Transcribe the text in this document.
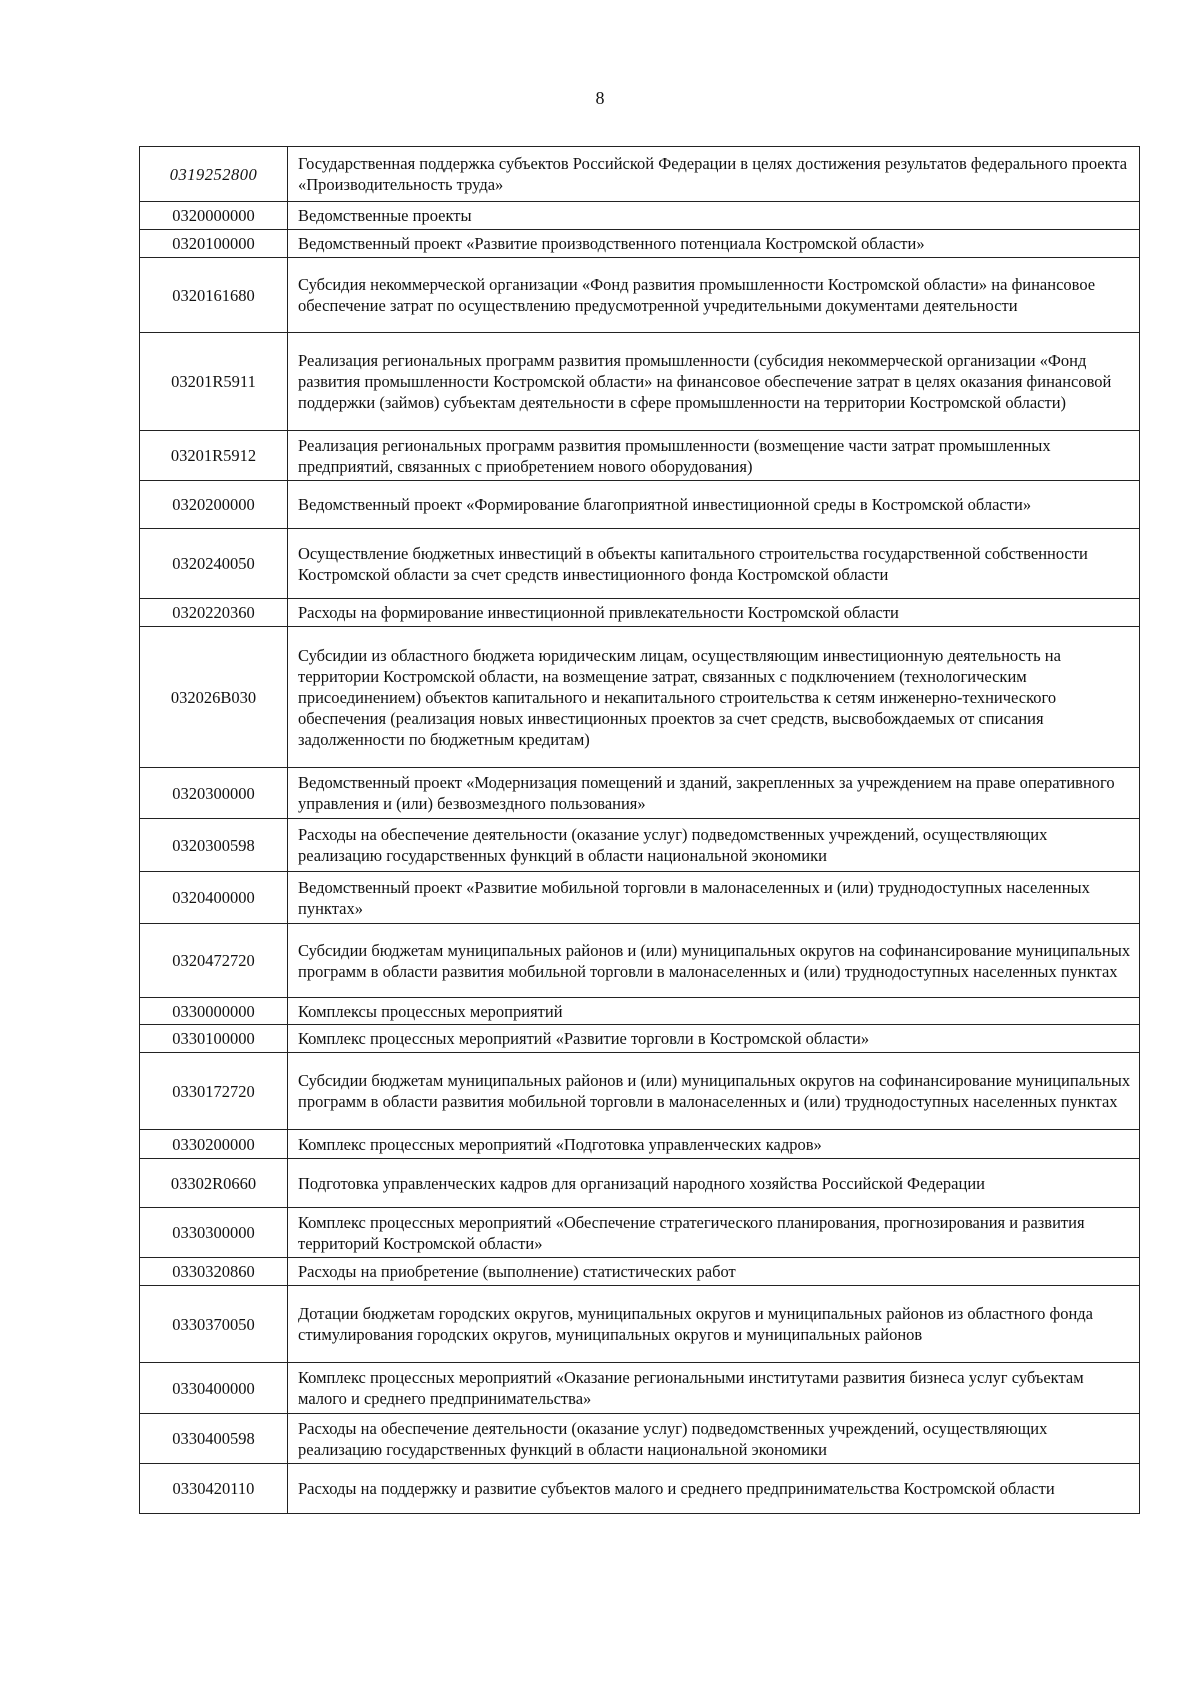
8
0319252800	Государственная поддержка субъектов Российской Федерации в целях достижения результатов федерального проекта «Производительность труда»
0320000000	Ведомственные проекты
0320100000	Ведомственный проект «Развитие производственного потенциала Костромской области»
0320161680	Субсидия некоммерческой организации «Фонд развития промышленности Костромской области» на финансовое обеспечение затрат по осуществлению предусмотренной учредительными документами деятельности
03201R5911	Реализация региональных программ развития промышленности (субсидия некоммерческой организации «Фонд развития промышленности Костромской области» на финансовое обеспечение затрат в целях оказания финансовой поддержки (займов) субъектам деятельности в сфере промышленности на территории Костромской области)
03201R5912	Реализация региональных программ развития промышленности (возмещение части затрат промышленных предприятий, связанных с приобретением нового оборудования)
0320200000	Ведомственный проект «Формирование благоприятной инвестиционной среды в Костромской области»
0320240050	Осуществление бюджетных инвестиций в объекты капитального строительства государственной собственности Костромской области за счет средств инвестиционного фонда Костромской области
0320220360	Расходы на формирование инвестиционной привлекательности Костромской области
032026В030	Субсидии из областного бюджета юридическим лицам, осуществляющим инвестиционную деятельность на территории Костромской области, на возмещение затрат, связанных с подключением (технологическим присоединением) объектов капитального и некапитального строительства к сетям инженерно-технического обеспечения (реализация новых инвестиционных проектов за счет средств, высвобождаемых от списания задолженности по бюджетным кредитам)
0320300000	Ведомственный проект «Модернизация помещений и зданий, закрепленных за учреждением на праве оперативного управления и (или) безвозмездного пользования»
0320300598	Расходы на обеспечение деятельности (оказание услуг) подведомственных учреждений, осуществляющих реализацию государственных функций в области национальной экономики
0320400000	Ведомственный проект «Развитие мобильной торговли в малонаселенных и (или) труднодоступных населенных пунктах»
0320472720	Субсидии бюджетам муниципальных районов и (или) муниципальных округов на софинансирование муниципальных программ в области развития мобильной торговли в малонаселенных и (или) труднодоступных населенных пунктах
0330000000	Комплексы процессных мероприятий
0330100000	Комплекс процессных мероприятий «Развитие торговли в Костромской области»
0330172720	Субсидии бюджетам муниципальных районов и (или) муниципальных округов на софинансирование муниципальных программ в области развития мобильной торговли в малонаселенных и (или) труднодоступных населенных пунктах
0330200000	Комплекс процессных мероприятий «Подготовка управленческих кадров»
03302R0660	Подготовка управленческих кадров для организаций народного хозяйства Российской Федерации
0330300000	Комплекс процессных мероприятий «Обеспечение стратегического планирования, прогнозирования и развития территорий Костромской области»
0330320860	Расходы на приобретение (выполнение) статистических работ
0330370050	Дотации бюджетам городских округов, муниципальных округов и муниципальных районов из областного фонда стимулирования городских округов, муниципальных округов и муниципальных районов
0330400000	Комплекс процессных мероприятий «Оказание региональными институтами развития бизнеса услуг субъектам малого и среднего предпринимательства»
0330400598	Расходы на обеспечение деятельности (оказание услуг) подведомственных учреждений, осуществляющих реализацию государственных функций в области национальной экономики
0330420110	Расходы на поддержку и развитие субъектов малого и среднего предпринимательства Костромской области
